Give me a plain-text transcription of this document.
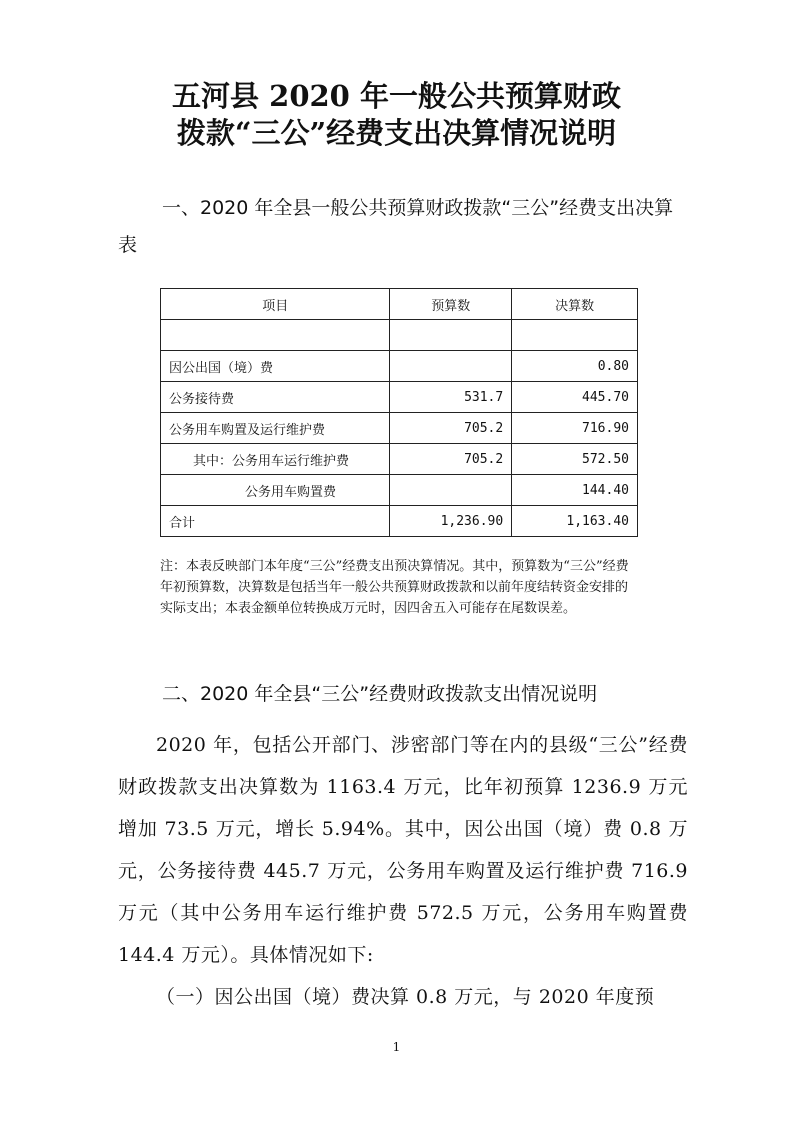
五河县 2020 年一般公共预算财政
拨款“三公”经费支出决算情况说明

一、2020 年全县一般公共预算财政拨款“三公”经费支出决算表

项目	预算数	决算数

因公出国（境）费		0.80
公务接待费	531.7	445.70
公务用车购置及运行维护费	705.2	716.90
其中：公务用车运行维护费	705.2	572.50
公务用车购置费		144.40
合计	1,236.90	1,163.40

注：本表反映部门本年度“三公”经费支出预决算情况。其中，预算数为“三公”经费年初预算数，决算数是包括当年一般公共预算财政拨款和以前年度结转资金安排的实际支出；本表金额单位转换成万元时，因四舍五入可能存在尾数误差。

二、2020 年全县“三公”经费财政拨款支出情况说明

2020 年，包括公开部门、涉密部门等在内的县级“三公”经费财政拨款支出决算数为 1163.4 万元，比年初预算 1236.9 万元增加 73.5 万元，增长 5.94%。其中，因公出国（境）费 0.8 万元，公务接待费 445.7 万元，公务用车购置及运行维护费 716.9 万元（其中公务用车运行维护费 572.5 万元，公务用车购置费 144.4 万元）。具体情况如下:

（一）因公出国（境）费决算 0.8 万元，与 2020 年度预

1
